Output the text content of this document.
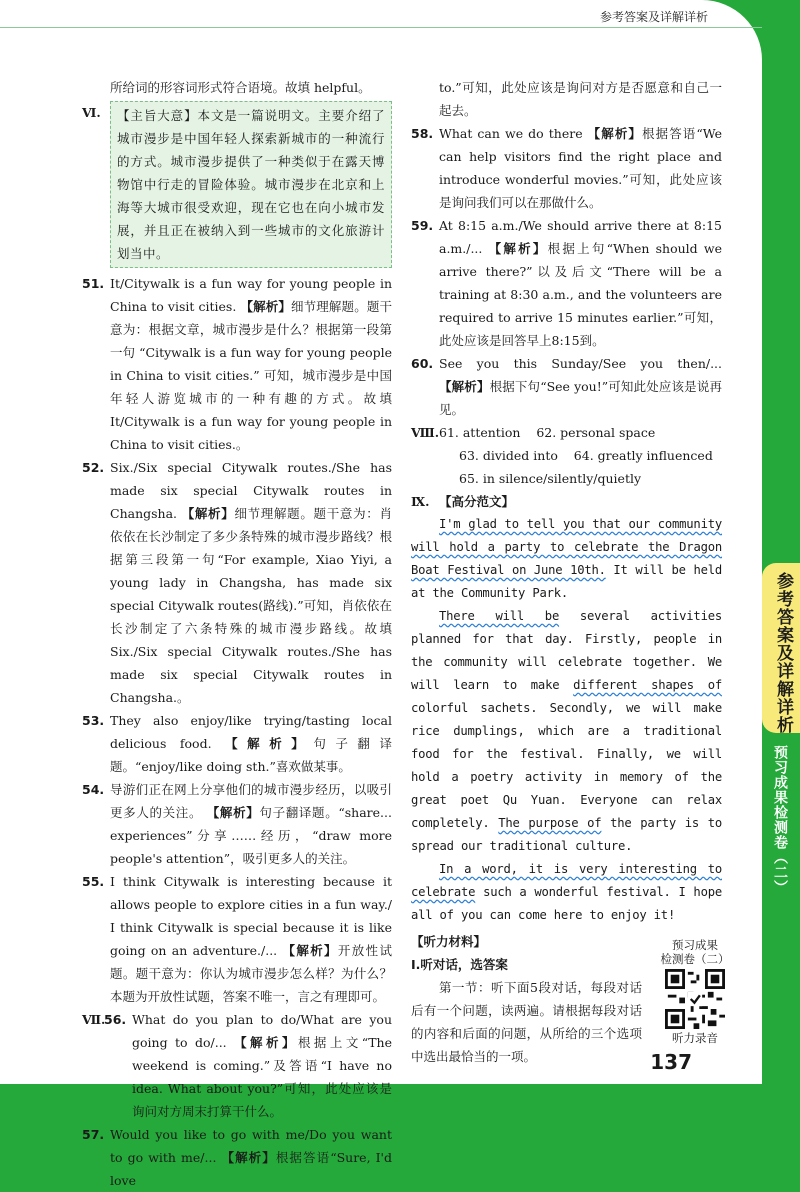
参考答案及详解详析

所给词的形容词形式符合语境。故填 helpful。

Ⅵ.	【主旨大意】本文是一篇说明文。主要介绍了城市漫步是中国年轻人探索新城市的一种流行的方式。城市漫步提供了一种类似于在露天博物馆中行走的冒险体验。城市漫步在北京和上海等大城市很受欢迎，现在它也在向小城市发展，并且正在被纳入到一些城市的文化旅游计划当中。
51. It/Citywalk is a fun way for young people in China to visit cities. 【解析】细节理解题。题干意为：根据文章，城市漫步是什么？根据第一段第一句 “Citywalk is a fun way for young people in China to visit cities.” 可知，城市漫步是中国年轻人游览城市的一种有趣的方式。故填 It/Citywalk is a fun way for young people in China to visit cities.。
52. Six./Six special Citywalk routes./She has made six special Citywalk routes in Changsha. 【解析】细节理解题。题干意为：肖依依在长沙制定了多少条特殊的城市漫步路线？根据第三段第一句“For example, Xiao Yiyi, a young lady in Changsha, has made six special Citywalk routes(路线).”可知，肖依依在长沙制定了六条特殊的城市漫步路线。故填 Six./Six special Citywalk routes./She has made six special Citywalk routes in Changsha.。
53. They also enjoy/like trying/tasting local delicious food. 【解析】句子翻译题。“enjoy/like doing sth.”喜欢做某事。
54. 导游们正在网上分享他们的城市漫步经历，以吸引更多人的关注。 【解析】句子翻译题。“share... experiences”分享……经历，“draw more people's attention”，吸引更多人的关注。
55. I think Citywalk is interesting because it allows people to explore cities in a fun way./ I think Citywalk is special because it is like going on an adventure./... 【解析】开放性试题。题干意为：你认为城市漫步怎么样？为什么？本题为开放性试题，答案不唯一，言之有理即可。
Ⅶ.
56. What do you plan to do/What are you going to do/... 【解析】根据上文“The weekend is coming.”及答语“I have no idea. What about you?”可知，此处应该是询问对方周末打算干什么。
57. Would you like to go with me/Do you want to go with me/... 【解析】根据答语“Sure, I'd love

to.”可知，此处应该是询问对方是否愿意和自己一起去。

58. What can we do there 【解析】根据答语“We can help visitors find the right place and introduce wonderful movies.”可知，此处应该是询问我们可以在那做什么。
59. At 8:15 a.m./We should arrive there at 8:15 a.m./... 【解析】根据上句“When should we arrive there?”以及后文“There will be a training at 8:30 a.m., and the volunteers are required to arrive 15 minutes earlier.”可知，此处应该是回答早上8:15到。
60. See you this Sunday/See you then/... 【解析】根据下句“See you!”可知此处应该是说再见。
Ⅷ. 61. attention 62. personal space
63. divided into 64. greatly influenced
65. in silence/silently/quietly
Ⅸ. 【高分范文】

I'm glad to tell you that our community will hold a party to celebrate the Dragon Boat Festival on June 10th. It will be held at the Community Park.

There will be several activities planned for that day. Firstly, people in the community will celebrate together. We will learn to make different shapes of colorful sachets. Secondly, we will make rice dumplings, which are a traditional food for the festival. Finally, we will hold a poetry activity in memory of the great poet Qu Yuan. Everyone can relax completely. The purpose of the party is to spread our traditional culture.

In a word, it is very interesting to celebrate such a wonderful festival. I hope all of you can come here to enjoy it!

【听力材料】

Ⅰ.听对话，选答案

第一节：听下面5段对话，每段对话后有一个问题，读两遍。请根据每段对话的内容和后面的问题，从所给的三个选项中选出最恰当的一项。

预习成果
检测卷（二）
听力录音
137
参考答案及详解详析
预习成果检测卷（二）
